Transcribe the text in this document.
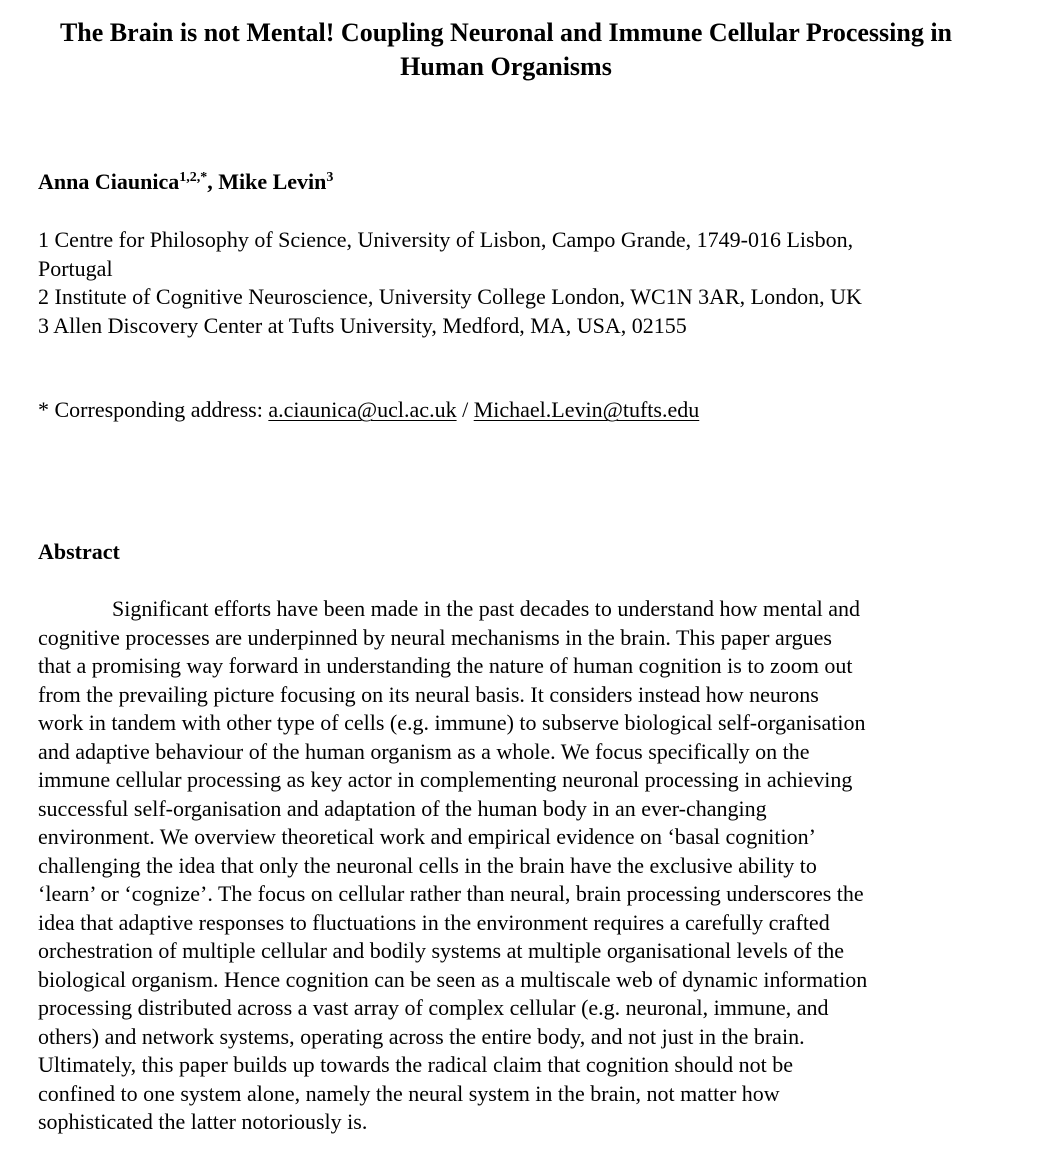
The Brain is not Mental! Coupling Neuronal and Immune Cellular Processing in
Human Organisms

Anna Ciaunica$^{1,2,*}$, Mike Levin$^3$

1 Centre for Philosophy of Science, University of Lisbon, Campo Grande, 1749-016 Lisbon,
Portugal
2 Institute of Cognitive Neuroscience, University College London, WC1N 3AR, London, UK
3 Allen Discovery Center at Tufts University, Medford, MA, USA, 02155

* Corresponding address: a.ciaunica@ucl.ac.uk / Michael.Levin@tufts.edu

Abstract
Significant efforts have been made in the past decades to understand how mental and
cognitive processes are underpinned by neural mechanisms in the brain. This paper argues
that a promising way forward in understanding the nature of human cognition is to zoom out
from the prevailing picture focusing on its neural basis. It considers instead how neurons
work in tandem with other type of cells (e.g. immune) to subserve biological self-organisation
and adaptive behaviour of the human organism as a whole. We focus specifically on the
immune cellular processing as key actor in complementing neuronal processing in achieving
successful self-organisation and adaptation of the human body in an ever-changing
environment. We overview theoretical work and empirical evidence on ‘basal cognition’
challenging the idea that only the neuronal cells in the brain have the exclusive ability to
‘learn’ or ‘cognize’. The focus on cellular rather than neural, brain processing underscores the
idea that adaptive responses to fluctuations in the environment requires a carefully crafted
orchestration of multiple cellular and bodily systems at multiple organisational levels of the
biological organism. Hence cognition can be seen as a multiscale web of dynamic information
processing distributed across a vast array of complex cellular (e.g. neuronal, immune, and
others) and network systems, operating across the entire body, and not just in the brain.
Ultimately, this paper builds up towards the radical claim that cognition should not be
confined to one system alone, namely the neural system in the brain, not matter how
sophisticated the latter notoriously is.
